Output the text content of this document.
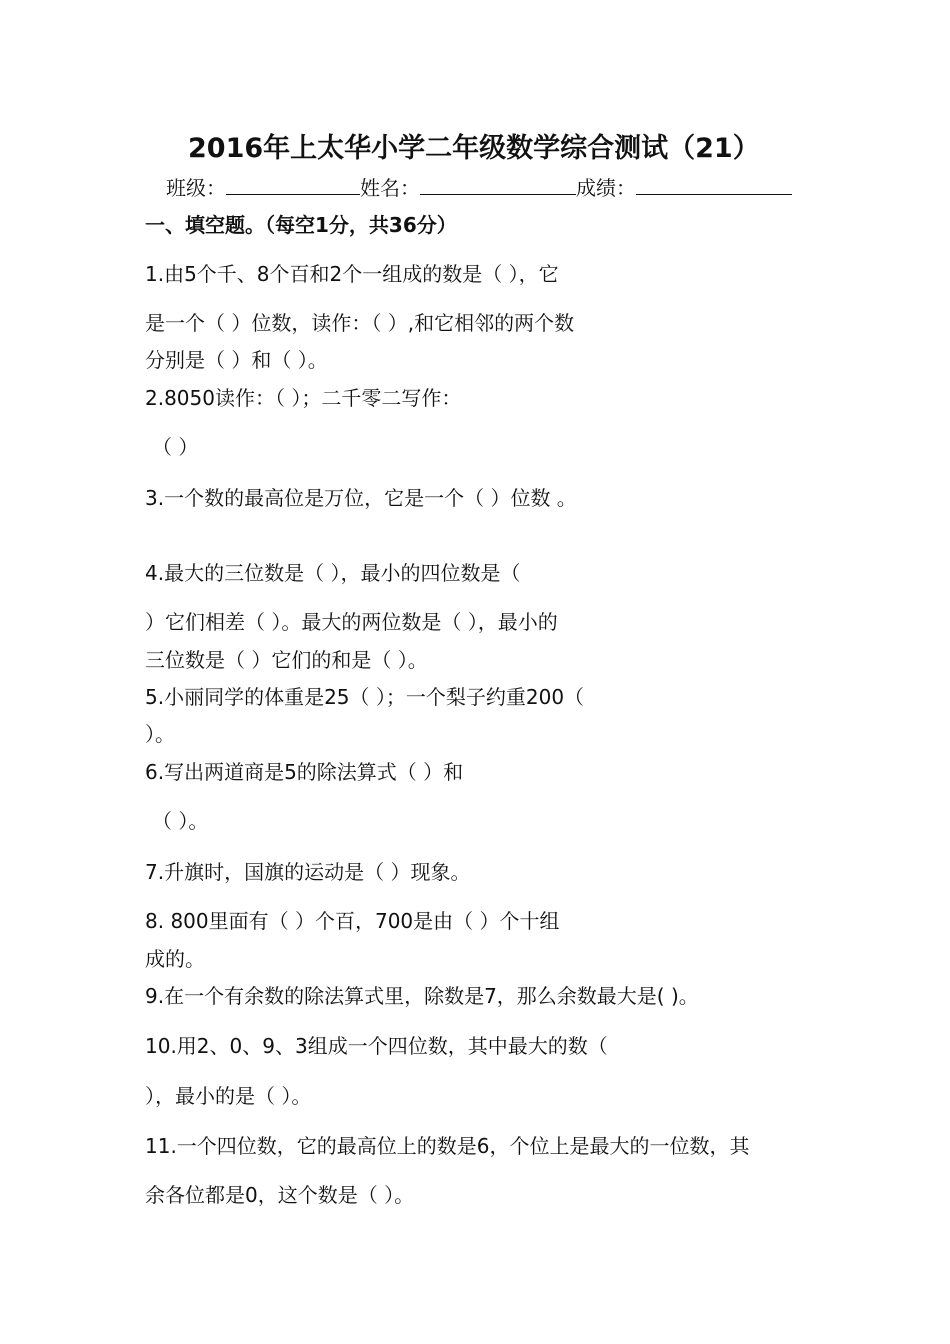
2016年上太华小学二年级数学综合测试（21）
班级：	姓名：	成绩：
一、填空题。（每空1分，共36分）
1.由5个千、8个百和2个一组成的数是（ ），它
是一个（ ）位数，读作：（ ）,和它相邻的两个数
分别是（ ）和（ ）。
2.8050读作：（ ）；二千零二写作：
（ ）
3.一个数的最高位是万位，它是一个（ ）位数 。
4.最大的三位数是（ ），最小的四位数是（
）它们相差（ ）。最大的两位数是（ ），最小的
三位数是（ ）它们的和是（ ）。
5.小丽同学的体重是25（ ）；一个梨子约重200（
）。
6.写出两道商是5的除法算式（ ）和
（ ）。
7.升旗时，国旗的运动是（ ）现象。
8. 800里面有（ ）个百，700是由（ ）个十组
成的。
9.在一个有余数的除法算式里，除数是7，那么余数最大是( )。
10.用2、0、9、3组成一个四位数，其中最大的数（
），最小的是（ ）。
11.一个四位数，它的最高位上的数是6，个位上是最大的一位数，其
余各位都是0，这个数是（ ）。
